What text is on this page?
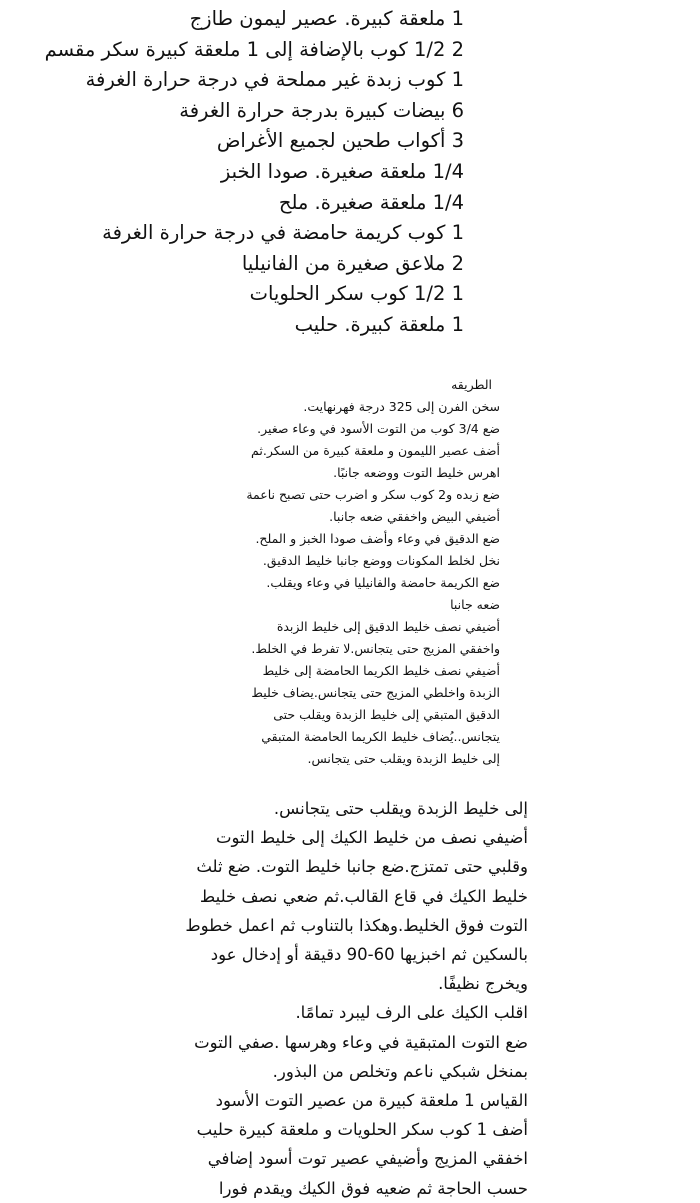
1 ملعقة كبيرة. عصير ليمون طازج
2 1/2 كوب بالإضافة إلى 1 ملعقة كبيرة سكر مقسم
1 كوب زبدة غير مملحة في درجة حرارة الغرفة
6 بيضات كبيرة بدرجة حرارة الغرفة
3 أكواب طحين لجميع الأغراض
1/4 ملعقة صغيرة. صودا الخبز
1/4 ملعقة صغيرة. ملح
1 كوب كريمة حامضة في درجة حرارة الغرفة
2 ملاعق صغيرة من الفانيليا
1 1/2 كوب سكر الحلويات
1 ملعقة كبيرة. حليب
الطريقه
سخن الفرن إلى 325 درجة فهرنهايت.
ضع 3/4 كوب من التوت الأسود في وعاء صغير.
أضف عصير الليمون و ملعقة كبيرة من السكر.ثم
اهرس خليط التوت ووضعه جانبًا.
ضع زبده و2 كوب سكر و اضرب حتى تصبح ناعمة
أضيفي البيض واخفقي ضعه جانبا.
ضع الدقيق في وعاء وأضف صودا الخبز و الملح.
نخل لخلط المكونات ووضع جانبا خليط الدقيق.
ضع الكريمة حامضة والفانيليا في وعاء ويقلب.
ضعه جانبا
أضيفي نصف خليط الدقيق إلى خليط الزبدة
واخفقي المزيج حتى يتجانس.لا تفرط في الخلط.
أضيفي نصف خليط الكريما الحامضة إلى خليط
الزبدة واخلطي المزيج حتى يتجانس.يضاف خليط
الدقيق المتبقي إلى خليط الزبدة ويقلب حتى
يتجانس..يُضاف خليط الكريما الحامضة المتبقي
إلى خليط الزبدة ويقلب حتى يتجانس.
إلى خليط الزبدة ويقلب حتى يتجانس.
أضيفي نصف من خليط الكيك إلى خليط التوت
وقلبي حتى تمتزج.ضع جانبا خليط التوت. ضع ثلث
خليط الكيك في قاع القالب.ثم ضعي نصف خليط
التوت فوق الخليط.وهكذا بالتناوب ثم اعمل خطوط
بالسكين ثم اخبزيها 60-90 دقيقة أو إدخال عود
ويخرج نظيفًا.
اقلب الكيك على الرف ليبرد تمامًا.
ضع التوت المتبقية في وعاء وهرسها .صفي التوت
بمنخل شبكي ناعم وتخلص من البذور.
القياس 1 ملعقة كبيرة من عصير التوت الأسود
أضف 1 كوب سكر الحلويات و ملعقة كبيرة حليب
اخفقي المزيج وأضيفي عصير توت أسود إضافي
حسب الحاجة ثم ضعيه فوق الكيك ويقدم فورا
